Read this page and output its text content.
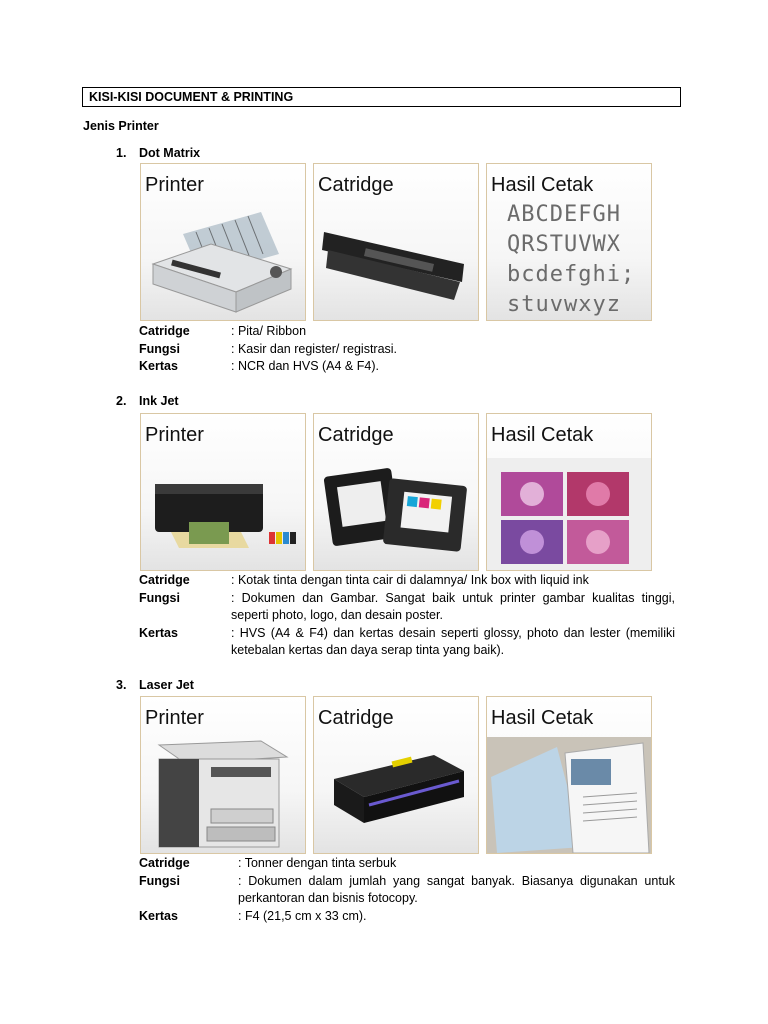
KISI-KISI DOCUMENT & PRINTING
Jenis Printer
1. Dot Matrix
Printer	Catridge	Hasil Cetak
ABCDEFGH
QRSTUVWX
bcdefghi;
stuvwxyz
Catridge	: Pita/ Ribbon
Fungsi	: Kasir dan register/ registrasi.
Kertas	: NCR dan HVS (A4 & F4).
2. Ink Jet
Printer	Catridge	Hasil Cetak
Catridge	: Kotak tinta dengan tinta cair di dalamnya/ Ink box with liquid ink
Fungsi	: Dokumen dan Gambar. Sangat baik untuk printer gambar kualitas tinggi, seperti photo, logo, dan desain poster.
Kertas	: HVS (A4 & F4) dan kertas desain seperti glossy, photo dan lester (memiliki ketebalan kertas dan daya serap tinta yang baik).
3. Laser Jet
Printer	Catridge	Hasil Cetak
Catridge	: Tonner dengan tinta serbuk
Fungsi	: Dokumen dalam jumlah yang sangat banyak. Biasanya digunakan untuk perkantoran dan bisnis fotocopy.
Kertas	: F4 (21,5 cm x 33 cm).
